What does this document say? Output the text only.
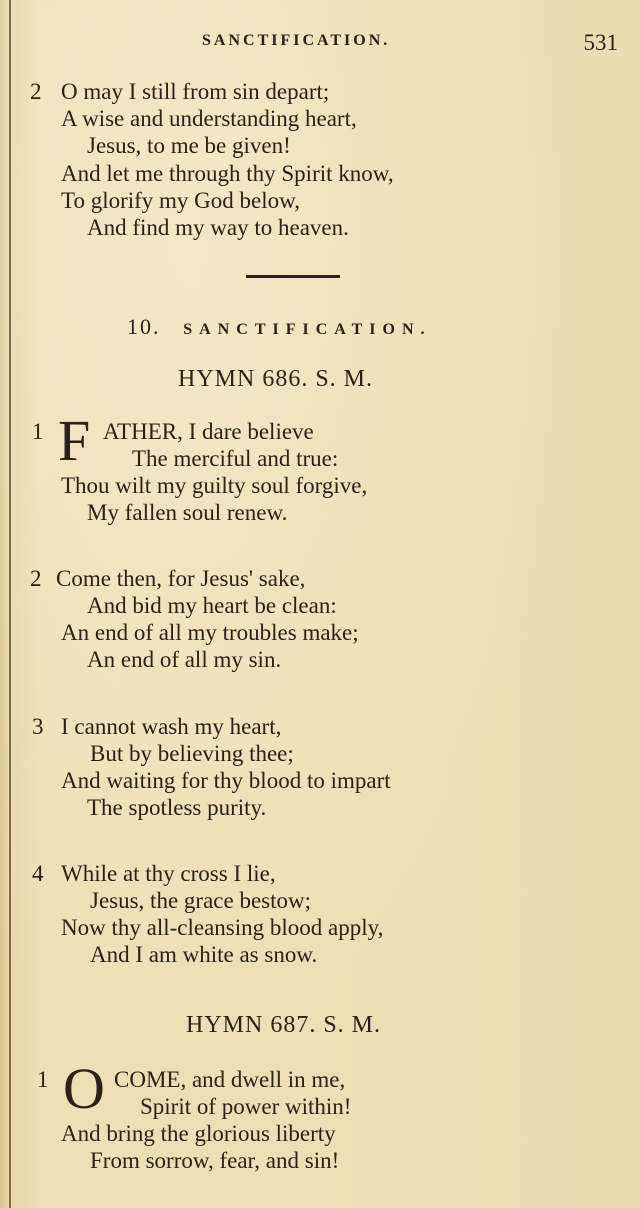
SANCTIFICATION.	531
2 O may I still from sin depart;
A wise and understanding heart,
Jesus, to me be given!
And let me through thy Spirit know,
To glorify my God below,
And find my way to heaven.
10. SANCTIFICATION.
HYMN 686. S. M.
1 F ATHER, I dare believe
The merciful and true:
Thou wilt my guilty soul forgive,
My fallen soul renew.
2 Come then, for Jesus' sake,
And bid my heart be clean:
An end of all my troubles make;
An end of all my sin.
3 I cannot wash my heart,
But by believing thee;
And waiting for thy blood to impart
The spotless purity.
4 While at thy cross I lie,
Jesus, the grace bestow;
Now thy all-cleansing blood apply,
And I am white as snow.
HYMN 687. S. M.
1 O COME, and dwell in me,
Spirit of power within!
And bring the glorious liberty
From sorrow, fear, and sin!
